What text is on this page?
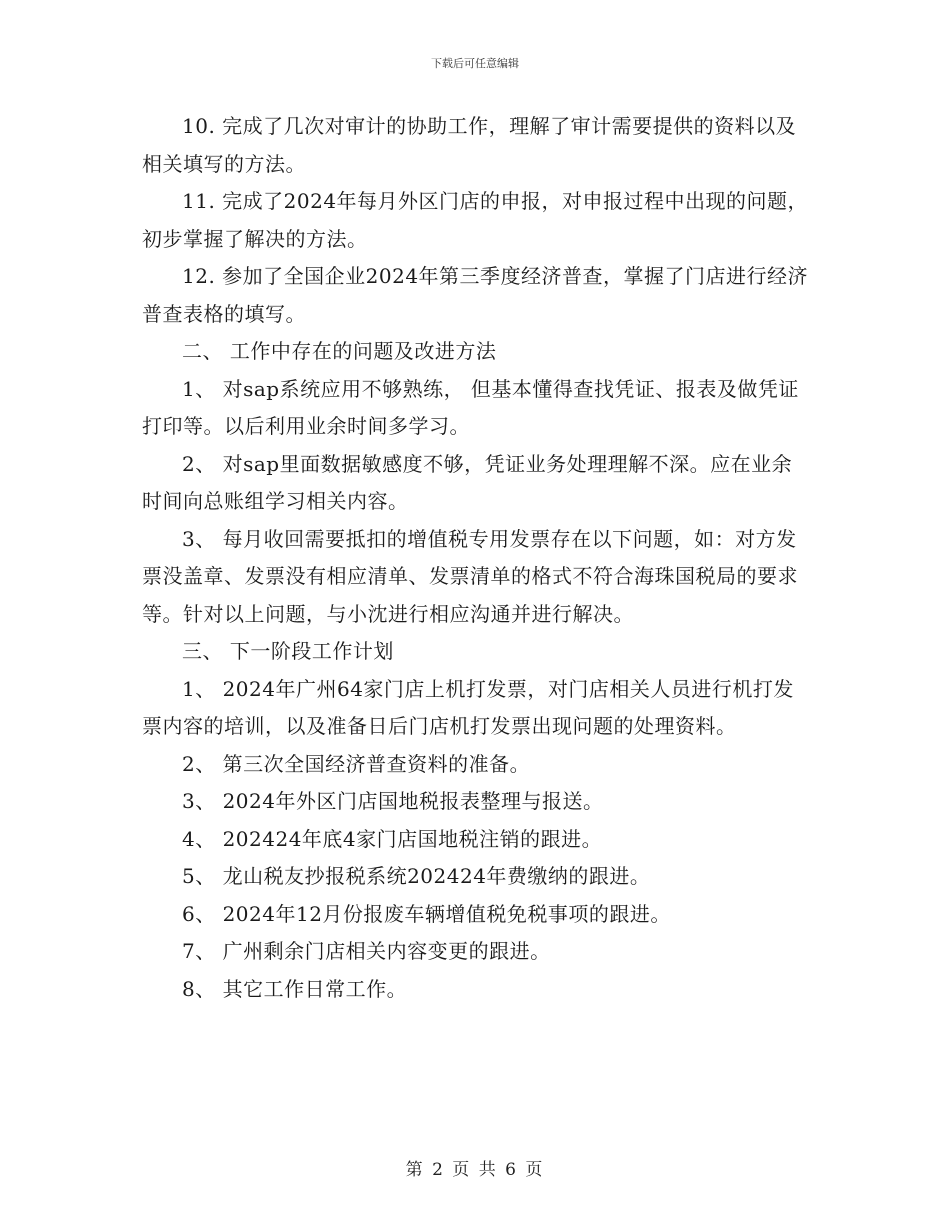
下载后可任意编辑

10. 完成了几次对审计的协助工作，理解了审计需要提供的资料以及相关填写的方法。

11. 完成了2024年每月外区门店的申报，对申报过程中出现的问题，初步掌握了解决的方法。

12. 参加了全国企业2024年第三季度经济普查，掌握了门店进行经济普查表格的填写。

二、 工作中存在的问题及改进方法

1、 对sap系统应用不够熟练， 但基本懂得查找凭证、报表及做凭证打印等。以后利用业余时间多学习。

2、 对sap里面数据敏感度不够，凭证业务处理理解不深。应在业余时间向总账组学习相关内容。

3、 每月收回需要抵扣的增值税专用发票存在以下问题，如：对方发票没盖章、发票没有相应清单、发票清单的格式不符合海珠国税局的要求等。针对以上问题，与小沈进行相应沟通并进行解决。

三、 下一阶段工作计划

1、 2024年广州64家门店上机打发票，对门店相关人员进行机打发票内容的培训，以及准备日后门店机打发票出现问题的处理资料。

2、 第三次全国经济普查资料的准备。

3、 2024年外区门店国地税报表整理与报送。

4、 202424年底4家门店国地税注销的跟进。

5、 龙山税友抄报税系统202424年费缴纳的跟进。

6、 2024年12月份报废车辆增值税免税事项的跟进。

7、 广州剩余门店相关内容变更的跟进。

8、 其它工作日常工作。

第 2 页 共 6 页
